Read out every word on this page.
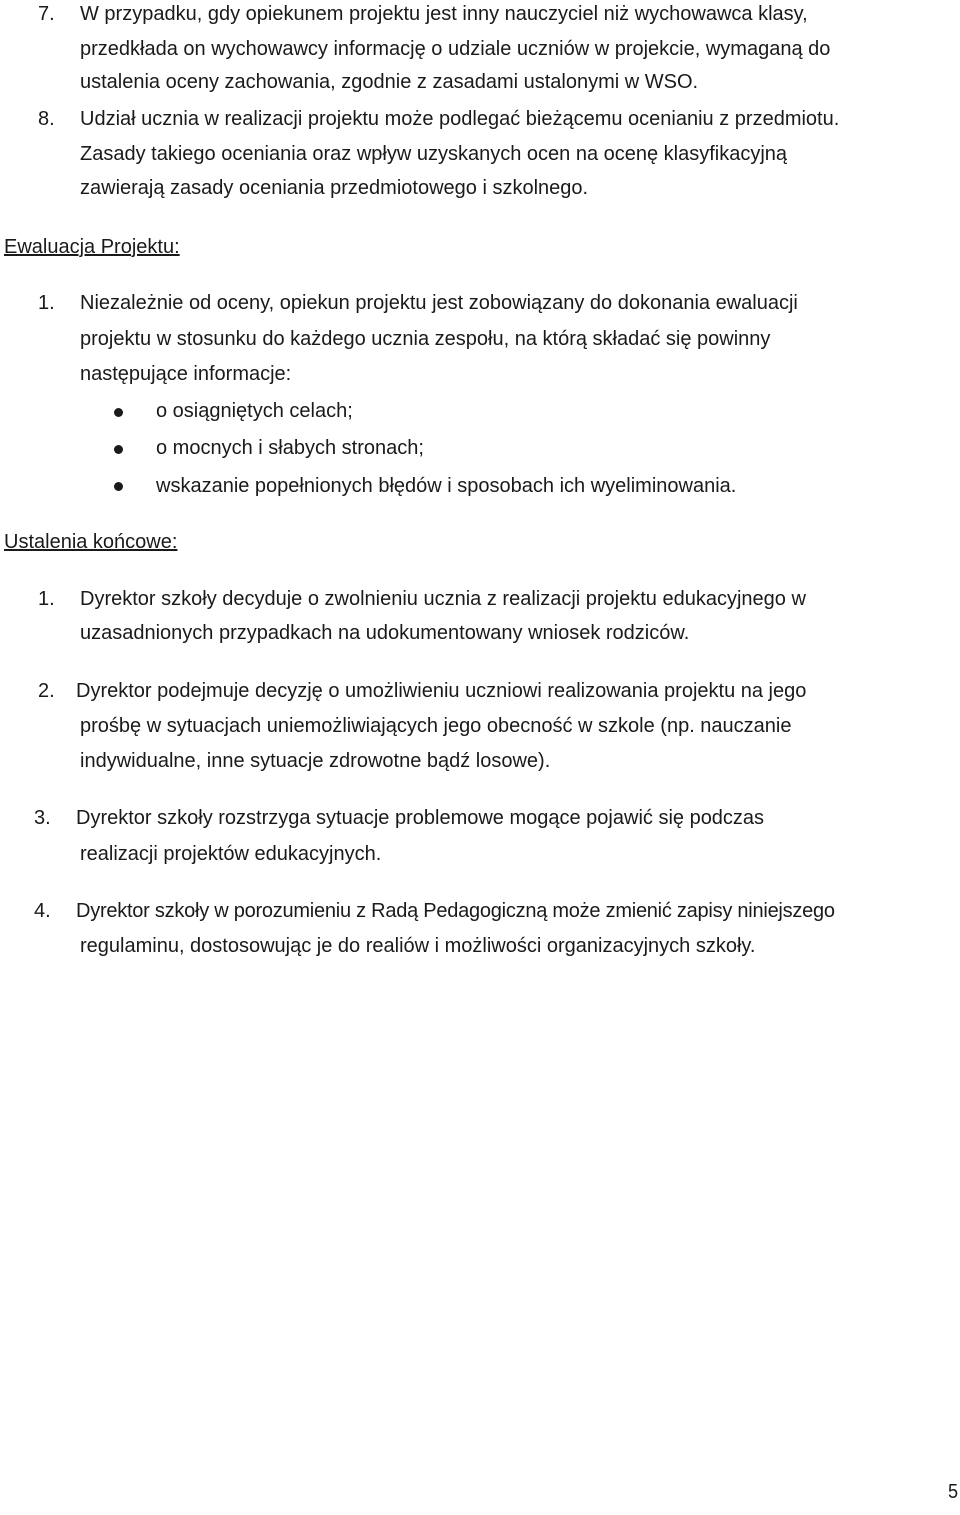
7. W przypadku, gdy opiekunem projektu jest inny nauczyciel niż wychowawca klasy,
przedkłada on wychowawcy informację o udziale uczniów w projekcie, wymaganą do
ustalenia oceny zachowania, zgodnie z zasadami ustalonymi w WSO.
8. Udział ucznia w realizacji projektu może podlegać bieżącemu ocenianiu z przedmiotu.
Zasady takiego oceniania oraz wpływ uzyskanych ocen na ocenę klasyfikacyjną
zawierają zasady oceniania przedmiotowego i szkolnego.
Ewaluacja Projektu:
1. Niezależnie od oceny, opiekun projektu jest zobowiązany do dokonania ewaluacji
projektu w stosunku do każdego ucznia zespołu, na którą składać się powinny
następujące informacje:
o osiągniętych celach;
o mocnych i słabych stronach;
wskazanie popełnionych błędów i sposobach ich wyeliminowania.
Ustalenia końcowe:
1. Dyrektor szkoły decyduje o zwolnieniu ucznia z realizacji projektu edukacyjnego w
uzasadnionych przypadkach na udokumentowany wniosek rodziców.
2. Dyrektor podejmuje decyzję o umożliwieniu uczniowi realizowania projektu na jego
prośbę w sytuacjach uniemożliwiających jego obecność w szkole (np. nauczanie
indywidualne, inne sytuacje zdrowotne bądź losowe).
3. Dyrektor szkoły rozstrzyga sytuacje problemowe mogące pojawić się podczas
realizacji projektów edukacyjnych.
4. Dyrektor szkoły w porozumieniu z Radą Pedagogiczną może zmienić zapisy niniejszego
regulaminu, dostosowując je do realiów i możliwości organizacyjnych szkoły.
5
